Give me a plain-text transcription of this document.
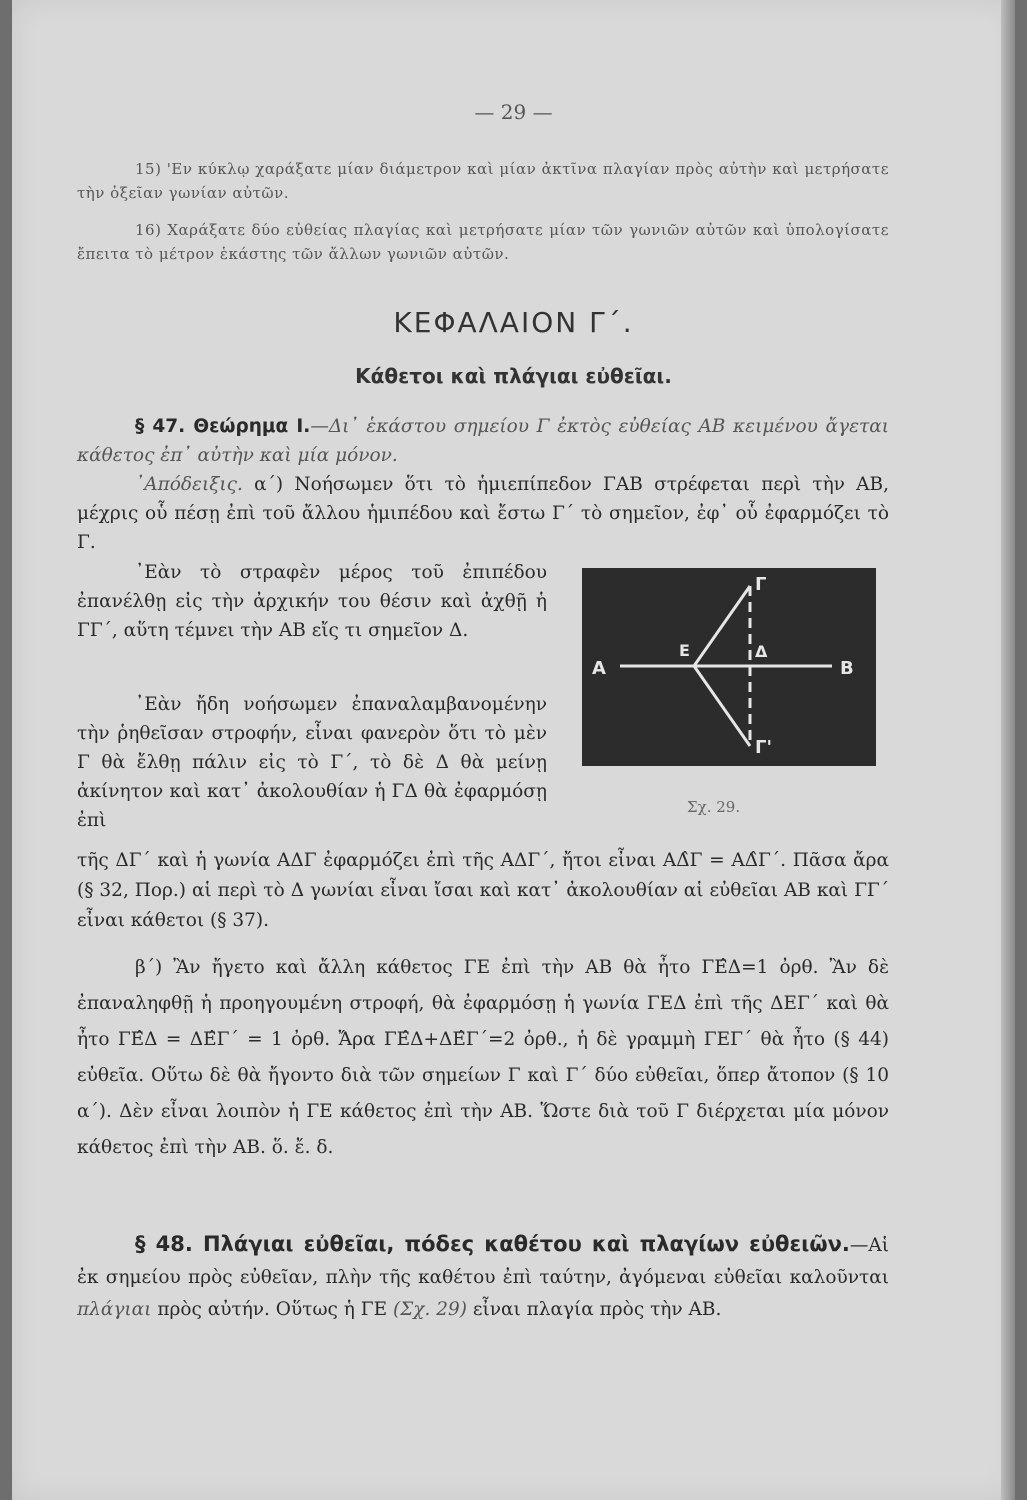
— 29 —
15) 'Εν κύκλῳ χαράξατε μίαν διάμετρον καὶ μίαν ἀκτῖνα πλαγίαν πρὸς αὐτὴν καὶ μετρήσατε τὴν ὀξεῖαν γωνίαν αὐτῶν.
16) Χαράξατε δύο εὐθείας πλαγίας καὶ μετρήσατε μίαν τῶν γωνιῶν αὐτῶν καὶ ὑπολογίσατε ἔπειτα τὸ μέτρον ἑκάστης τῶν ἄλλων γωνιῶν αὐτῶν.
ΚΕΦΑΛΑΙΟΝ Γ΄.
Κάθετοι καὶ πλάγιαι εὐθεῖαι.
§ 47. Θεώρημα I.—Δι᾿ ἑκάστου σημείου Γ ἐκτὸς εὐθείας ΑΒ κειμένου ἄγεται κάθετος ἐπ᾿ αὐτὴν καὶ μία μόνον.
᾿Απόδειξις. α΄) Νοήσωμεν ὅτι τὸ ἡμιεπίπεδον ΓΑΒ στρέφεται περὶ τὴν ΑΒ, μέχρις οὗ πέσῃ ἐπὶ τοῦ ἄλλου ἡμιπέδου καὶ ἔστω Γ΄ τὸ σημεῖον, ἐφ᾿ οὗ ἐφαρμόζει τὸ Γ.
᾿Εὰν τὸ στραφὲν μέρος τοῦ ἐπιπέδου ἐπανέλθῃ εἰς τὴν ἀρχικήν του θέσιν καὶ ἀχθῇ ἡ ΓΓ΄, αὕτη τέμνει τὴν ΑΒ εἴς τι σημεῖον Δ.
᾿Εὰν ἤδη νοήσωμεν ἐπαναλαμβανομένην τὴν ῥηθεῖσαν στροφήν, εἶναι φανερὸν ὅτι τὸ μὲν Γ θὰ ἔλθῃ πάλιν εἰς τὸ Γ΄, τὸ δὲ Δ θὰ μείνῃ ἀκίνητον καὶ κατ᾿ ἀκολουθίαν ἡ ΓΔ θὰ ἐφαρμόσῃ ἐπὶ
τῆς ΔΓ΄ καὶ ἡ γωνία ΑΔΓ ἐφαρμόζει ἐπὶ τῆς ΑΔΓ΄, ἤτοι εἶναι ΑΔ̂Γ = ΑΔ̂Γ΄. Πᾶσα ἄρα (§ 32, Πορ.) αἱ περὶ τὸ Δ γωνίαι εἶναι ἴσαι καὶ κατ᾿ ἀκολουθίαν αἱ εὐθεῖαι ΑΒ καὶ ΓΓ΄ εἶναι κάθετοι (§ 37).
β΄) Ἂν ἤγετο καὶ ἄλλη κάθετος ΓΕ ἐπὶ τὴν ΑΒ θὰ ἦτο ΓΕ̂Δ=1 ὀρθ. Ἂν δὲ ἐπαναληφθῇ ἡ προηγουμένη στροφή, θὰ ἐφαρμόσῃ ἡ γωνία ΓΕΔ ἐπὶ τῆς ΔΕΓ΄ καὶ θὰ ἦτο ΓΕ̂Δ = ΔΕ̂Γ΄ = 1 ὀρθ. Ἄρα ΓΕ̂Δ+ΔΕ̂Γ΄=2 ὀρθ., ἡ δὲ γραμμὴ ΓΕΓ΄ θὰ ἦτο (§ 44) εὐθεῖα. Οὕτω δὲ θὰ ἤγοντο διὰ τῶν σημείων Γ καὶ Γ΄ δύο εὐθεῖαι, ὅπερ ἄτοπον (§ 10 α΄). Δὲν εἶναι λοιπὸν ἡ ΓΕ κάθετος ἐπὶ τὴν ΑΒ. Ὥστε διὰ τοῦ Γ διέρχεται μία μόνον κάθετος ἐπὶ τὴν ΑΒ. ὅ. ἔ. δ.
§ 48. Πλάγιαι εὐθεῖαι, πόδες καθέτου καὶ πλαγίων εὐθειῶν.—Αἱ ἐκ σημείου πρὸς εὐθεῖαν, πλὴν τῆς καθέτου ἐπὶ ταύτην, ἀγόμεναι εὐθεῖαι καλοῦνται πλάγιαι πρὸς αὐτήν. Οὕτως ἡ ΓΕ (Σχ. 29) εἶναι πλαγία πρὸς τὴν ΑΒ.
Α	Β
Ε	Δ
Γ
Γ'
Σχ. 29.
